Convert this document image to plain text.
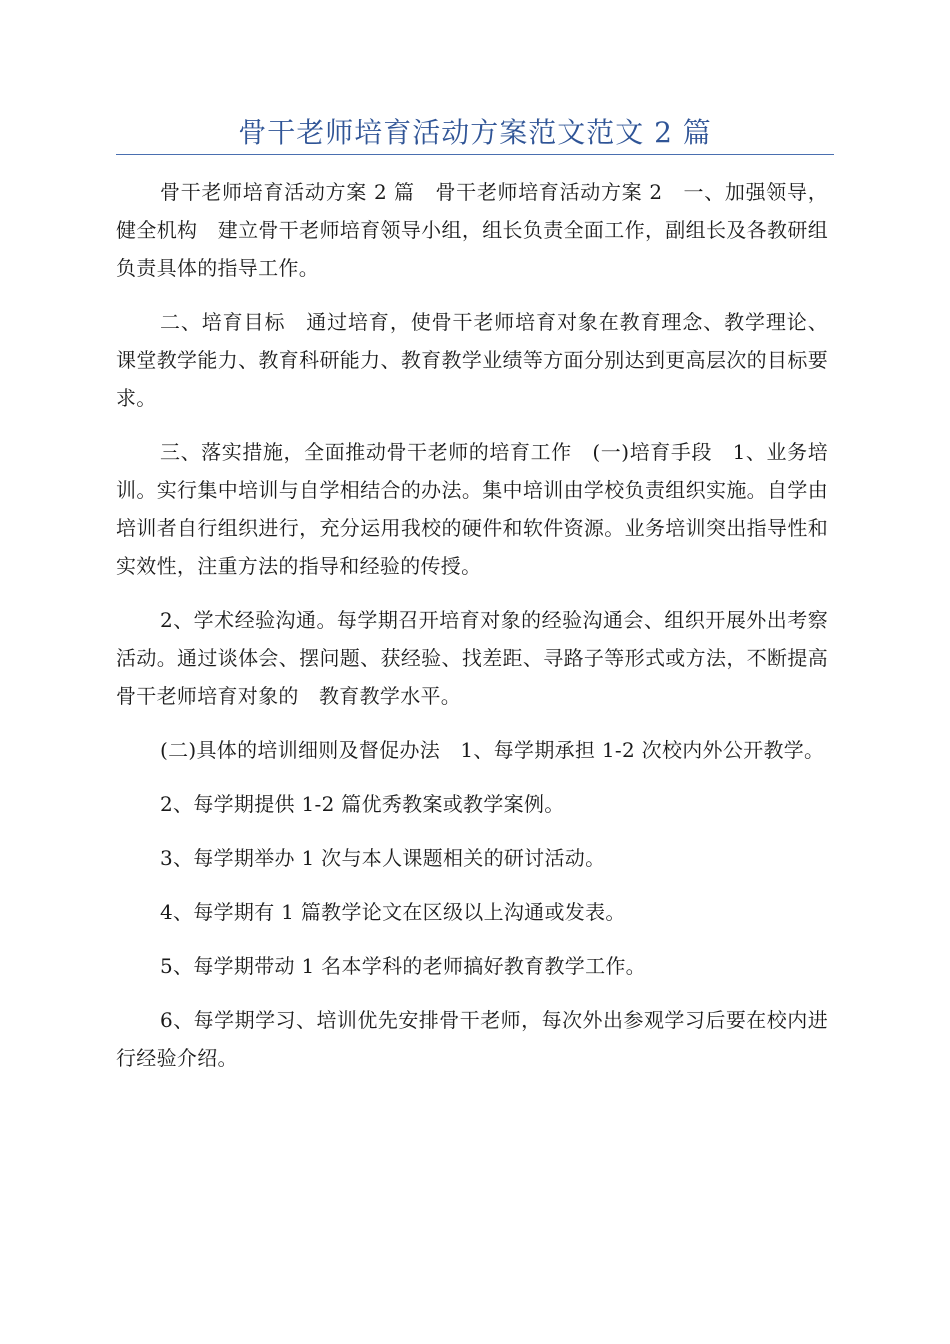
骨干老师培育活动方案范文范文 2 篇

骨干老师培育活动方案 2 篇　骨干老师培育活动方案 2　一、加强领导，健全机构　建立骨干老师培育领导小组，组长负责全面工作，副组长及各教研组负责具体的指导工作。

二、培育目标　通过培育，使骨干老师培育对象在教育理念、教学理论、课堂教学能力、教育科研能力、教育教学业绩等方面分别达到更高层次的目标要求。

三、落实措施，全面推动骨干老师的培育工作　(一)培育手段　1、业务培训。实行集中培训与自学相结合的办法。集中培训由学校负责组织实施。自学由培训者自行组织进行，充分运用我校的硬件和软件资源。业务培训突出指导性和实效性，注重方法的指导和经验的传授。

2、学术经验沟通。每学期召开培育对象的经验沟通会、组织开展外出考察活动。通过谈体会、摆问题、获经验、找差距、寻路子等形式或方法，不断提高骨干老师培育对象的　教育教学水平。

(二)具体的培训细则及督促办法　1、每学期承担 1-2 次校内外公开教学。

2、每学期提供 1-2 篇优秀教案或教学案例。

3、每学期举办 1 次与本人课题相关的研讨活动。

4、每学期有 1 篇教学论文在区级以上沟通或发表。

5、每学期带动 1 名本学科的老师搞好教育教学工作。

6、每学期学习、培训优先安排骨干老师，每次外出参观学习后要在校内进行经验介绍。
